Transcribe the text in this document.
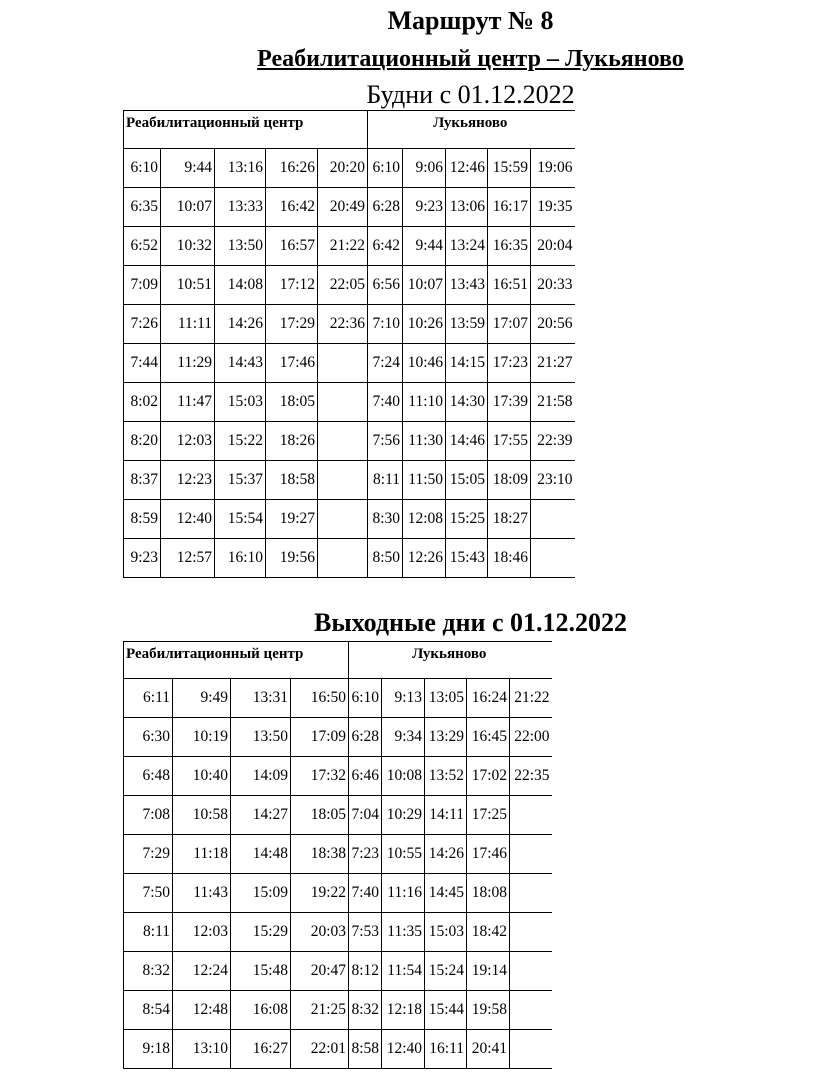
Маршрут № 8
Реабилитационный центр – Лукьяново
Будни с 01.12.2022
Реабилитационный центр					Лукьяново				
6:10	9:44	13:16	16:26	20:20	6:10	9:06	12:46	15:59	19:06
6:35	10:07	13:33	16:42	20:49	6:28	9:23	13:06	16:17	19:35
6:52	10:32	13:50	16:57	21:22	6:42	9:44	13:24	16:35	20:04
7:09	10:51	14:08	17:12	22:05	6:56	10:07	13:43	16:51	20:33
7:26	11:11	14:26	17:29	22:36	7:10	10:26	13:59	17:07	20:56
7:44	11:29	14:43	17:46		7:24	10:46	14:15	17:23	21:27
8:02	11:47	15:03	18:05		7:40	11:10	14:30	17:39	21:58
8:20	12:03	15:22	18:26		7:56	11:30	14:46	17:55	22:39
8:37	12:23	15:37	18:58		8:11	11:50	15:05	18:09	23:10
8:59	12:40	15:54	19:27		8:30	12:08	15:25	18:27	
9:23	12:57	16:10	19:56		8:50	12:26	15:43	18:46	
Выходные дни с 01.12.2022
Реабилитационный центр				Лукьяново				
6:11	9:49	13:31	16:50	6:10	9:13	13:05	16:24	21:22
6:30	10:19	13:50	17:09	6:28	9:34	13:29	16:45	22:00
6:48	10:40	14:09	17:32	6:46	10:08	13:52	17:02	22:35
7:08	10:58	14:27	18:05	7:04	10:29	14:11	17:25	
7:29	11:18	14:48	18:38	7:23	10:55	14:26	17:46	
7:50	11:43	15:09	19:22	7:40	11:16	14:45	18:08	
8:11	12:03	15:29	20:03	7:53	11:35	15:03	18:42	
8:32	12:24	15:48	20:47	8:12	11:54	15:24	19:14	
8:54	12:48	16:08	21:25	8:32	12:18	15:44	19:58	
9:18	13:10	16:27	22:01	8:58	12:40	16:11	20:41	
